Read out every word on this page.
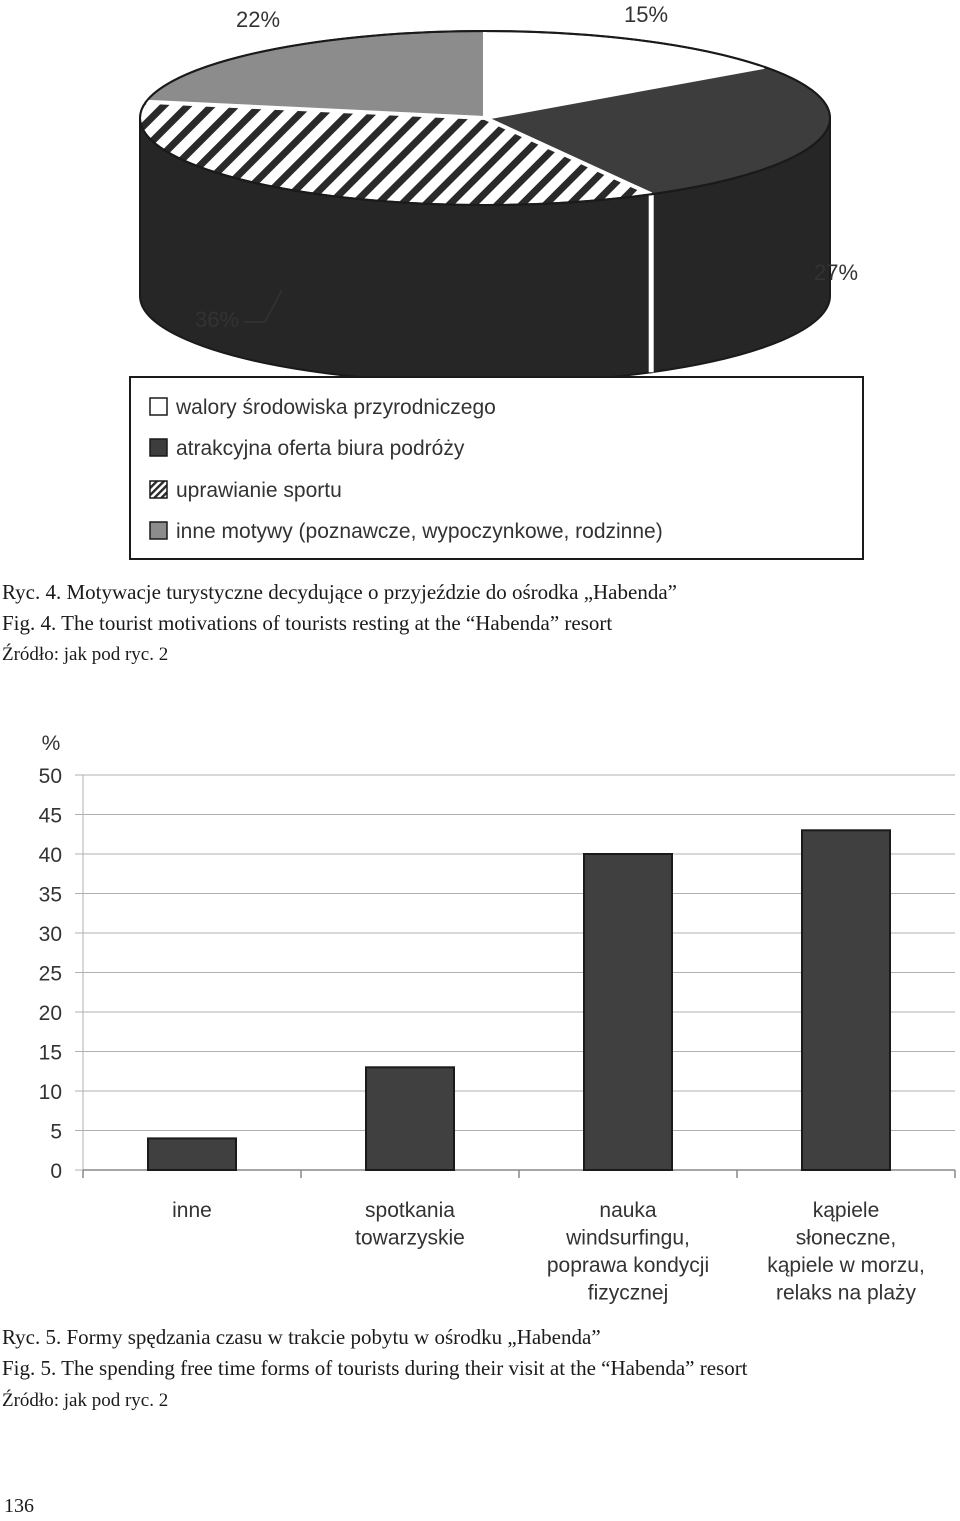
15%
27%
36%
22%
walory środowiska przyrodniczego
atrakcyjna oferta biura podróży
uprawianie sportu
inne motywy (poznawcze, wypoczynkowe, rodzinne)
0
5
10
15
20
25
30
35
40
45
50
%
inne	spotkania
towarzyskie
nauka
windsurfingu,
poprawa kondycji
fizycznej
kąpiele
słoneczne,
kąpiele w morzu,
relaks na plaży
Ryc. 4. Motywacje turystyczne decydujące o przyjeździe do ośrodka „Habenda”
Fig. 4. The tourist motivations of tourists resting at the “Habenda” resort
Źródło: jak pod ryc. 2
Ryc. 5. Formy spędzania czasu w trakcie pobytu w ośrodku „Habenda”
Fig. 5. The spending free time forms of tourists during their visit at the “Habenda” resort
Źródło: jak pod ryc. 2
136
